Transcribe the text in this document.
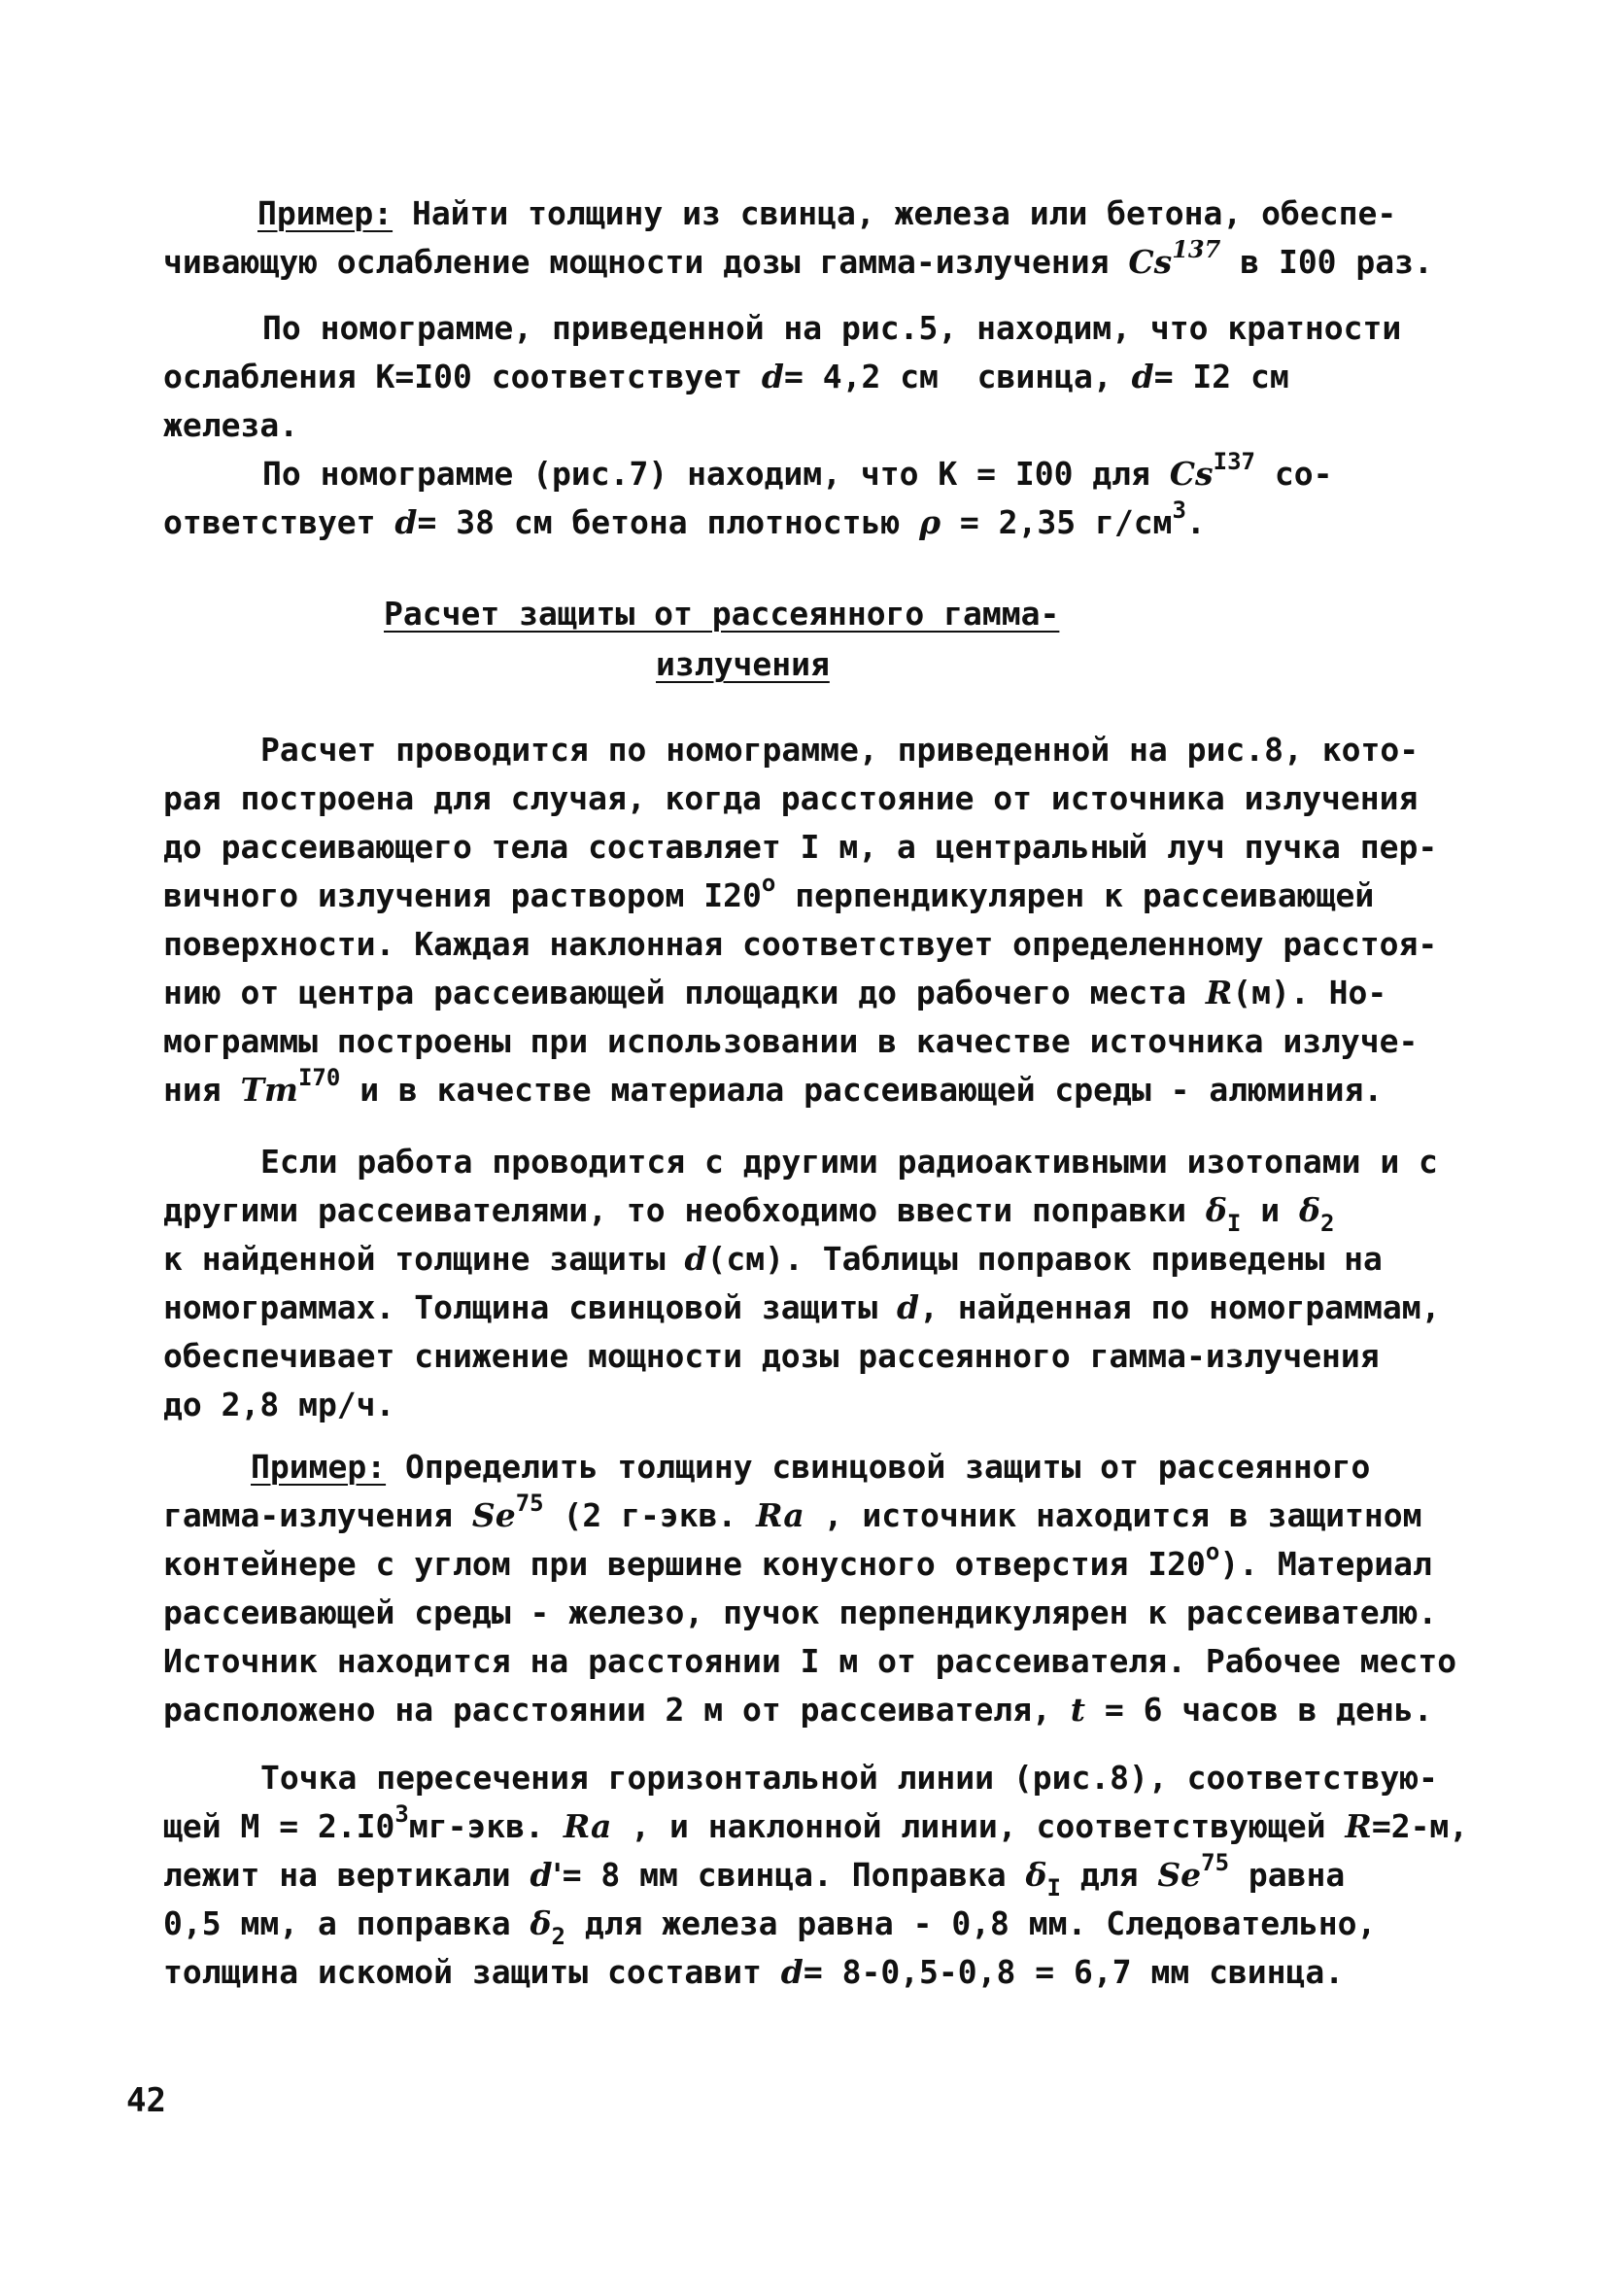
Пример: Найти толщину из свинца, железа или бетона, обеспе-
чивающую ослабление мощности дозы гамма-излучения Cs$^{137}$ в I00 раз.
По номограмме, приведенной на рис.5, находим, что кратности
ослабления К=I00 соответствует d= 4,2 см  свинца, d= I2 см
железа.
По номограмме (рис.7) находим, что К = I00 для $Cs^{I37}$ со-
ответствует d= 38 см бетона плотностью ρ = 2,35 $г/см^3$.
Расчет защиты от рассеянного гамма-
излучения
Расчет проводится по номограмме, приведенной на рис.8, кото-
рая построена для случая, когда расстояние от источника излучения
до рассеивающего тела составляет I м, а центральный луч пучка пер-
вичного излучения раствором $I20^о$ перпендикулярен к рассеивающей
поверхности. Каждая наклонная соответствует определенному расстоя-
нию от центра рассеивающей площадки до рабочего места R(м). Но-
мограммы построены при использовании в качестве источника излуче-
ния $Tm^{I70}$ и в качестве материала рассеивающей среды - алюминия.
Если работа проводится с другими радиоактивными изотопами и с
другими рассеивателями, то необходимо ввести поправки $\delta_I$ и $\delta_2$
к найденной толщине защиты d(см). Таблицы поправок приведены на
номограммах. Толщина свинцовой защиты d, найденная по номограммам,
обеспечивает снижение мощности дозы рассеянного гамма-излучения
до 2,8 мр/ч.
Пример: Определить толщину свинцовой защиты от рассеянного
гамма-излучения Se$^{75}$ (2 г-экв. Ra , источник находится в защитном
контейнере с углом при вершине конусного отверстия $I20^о$). Материал
рассеивающей среды - железо, пучок перпендикулярен к рассеивателю.
Источник находится на расстоянии I м от рассеивателя. Рабочее место
расположено на расстоянии 2 м от рассеивателя, t = 6 часов в день.
Точка пересечения горизонтальной линии (рис.8), соответствую-
щей $М = 2.I0^3мг$-экв. Ra , и наклонной линии, соответствующей R=2-м,
лежит на вертикали d'= 8 мм свинца. Поправка $\delta_I$ для Se$^{75}$ равна
0,5 мм, а поправка $\delta_2$ для железа равна - 0,8 мм. Следовательно,
толщина искомой защиты составит d= 8-0,5-0,8 = 6,7 мм свинца.
42
